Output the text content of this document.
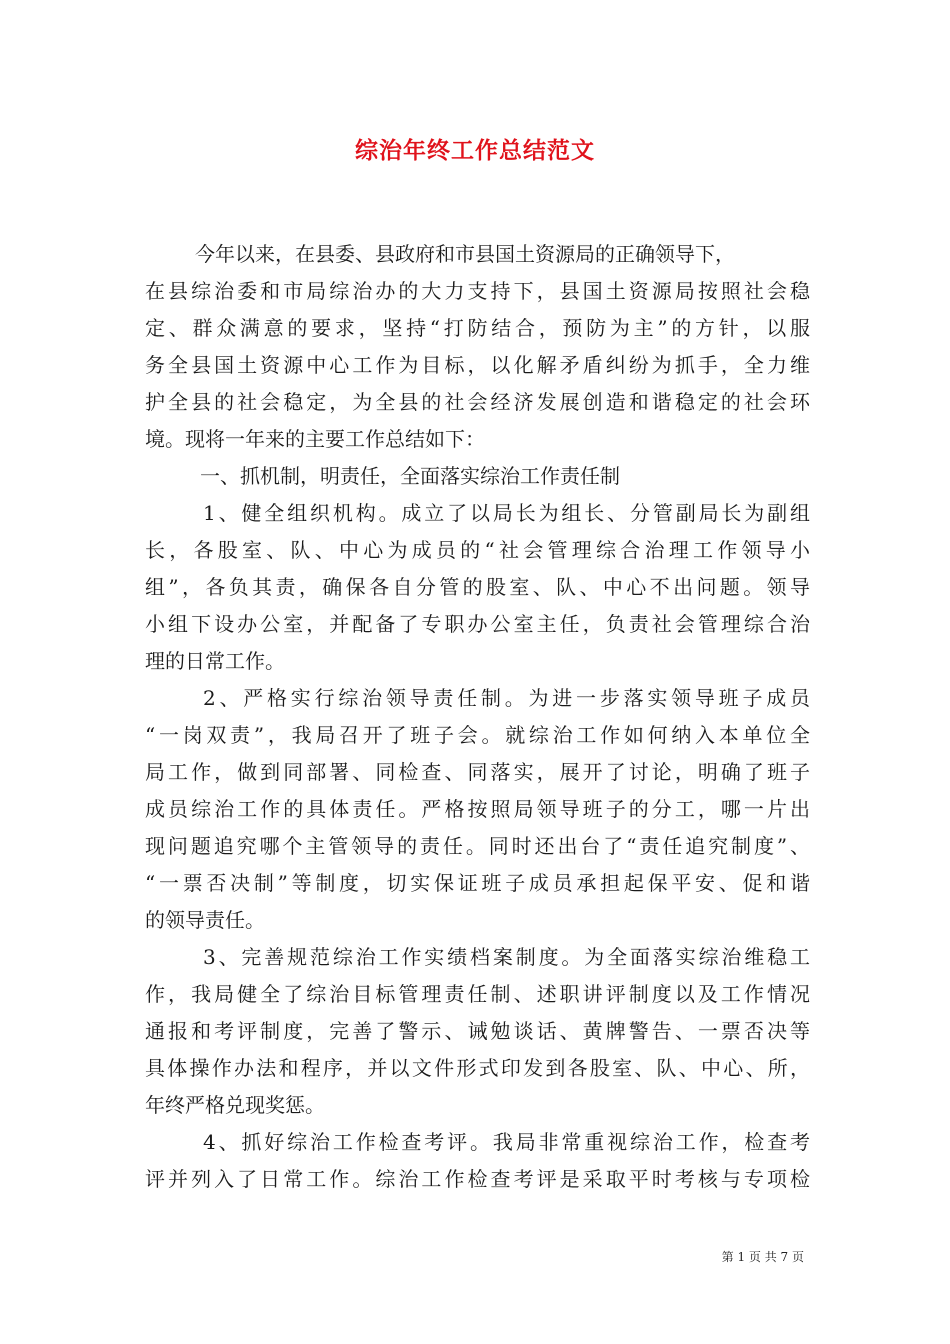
综治年终工作总结范文
今年以来，在县委、县政府和市县国土资源局的正确领导下，
在县综治委和市局综治办的大力支持下，县国土资源局按照社会稳
定、群众满意的要求，坚持“打防结合，预防为主”的方针，以服
务全县国土资源中心工作为目标，以化解矛盾纠纷为抓手，全力维
护全县的社会稳定，为全县的社会经济发展创造和谐稳定的社会环
境。现将一年来的主要工作总结如下：
一、抓机制，明责任，全面落实综治工作责任制
1、健全组织机构。成立了以局长为组长、分管副局长为副组
长，各股室、队、中心为成员的“社会管理综合治理工作领导小
组”，各负其责，确保各自分管的股室、队、中心不出问题。领导
小组下设办公室，并配备了专职办公室主任，负责社会管理综合治
理的日常工作。
2、严格实行综治领导责任制。为进一步落实领导班子成员
“一岗双责”，我局召开了班子会。就综治工作如何纳入本单位全
局工作，做到同部署、同检查、同落实，展开了讨论，明确了班子
成员综治工作的具体责任。严格按照局领导班子的分工，哪一片出
现问题追究哪个主管领导的责任。同时还出台了“责任追究制度”、
“一票否决制”等制度，切实保证班子成员承担起保平安、促和谐
的领导责任。
3、完善规范综治工作实绩档案制度。为全面落实综治维稳工
作，我局健全了综治目标管理责任制、述职讲评制度以及工作情况
通报和考评制度，完善了警示、诫勉谈话、黄牌警告、一票否决等
具体操作办法和程序，并以文件形式印发到各股室、队、中心、所，
年终严格兑现奖惩。
4、抓好综治工作检查考评。我局非常重视综治工作，检查考
评并列入了日常工作。综治工作检查考评是采取平时考核与专项检
第 1 页 共 7 页
